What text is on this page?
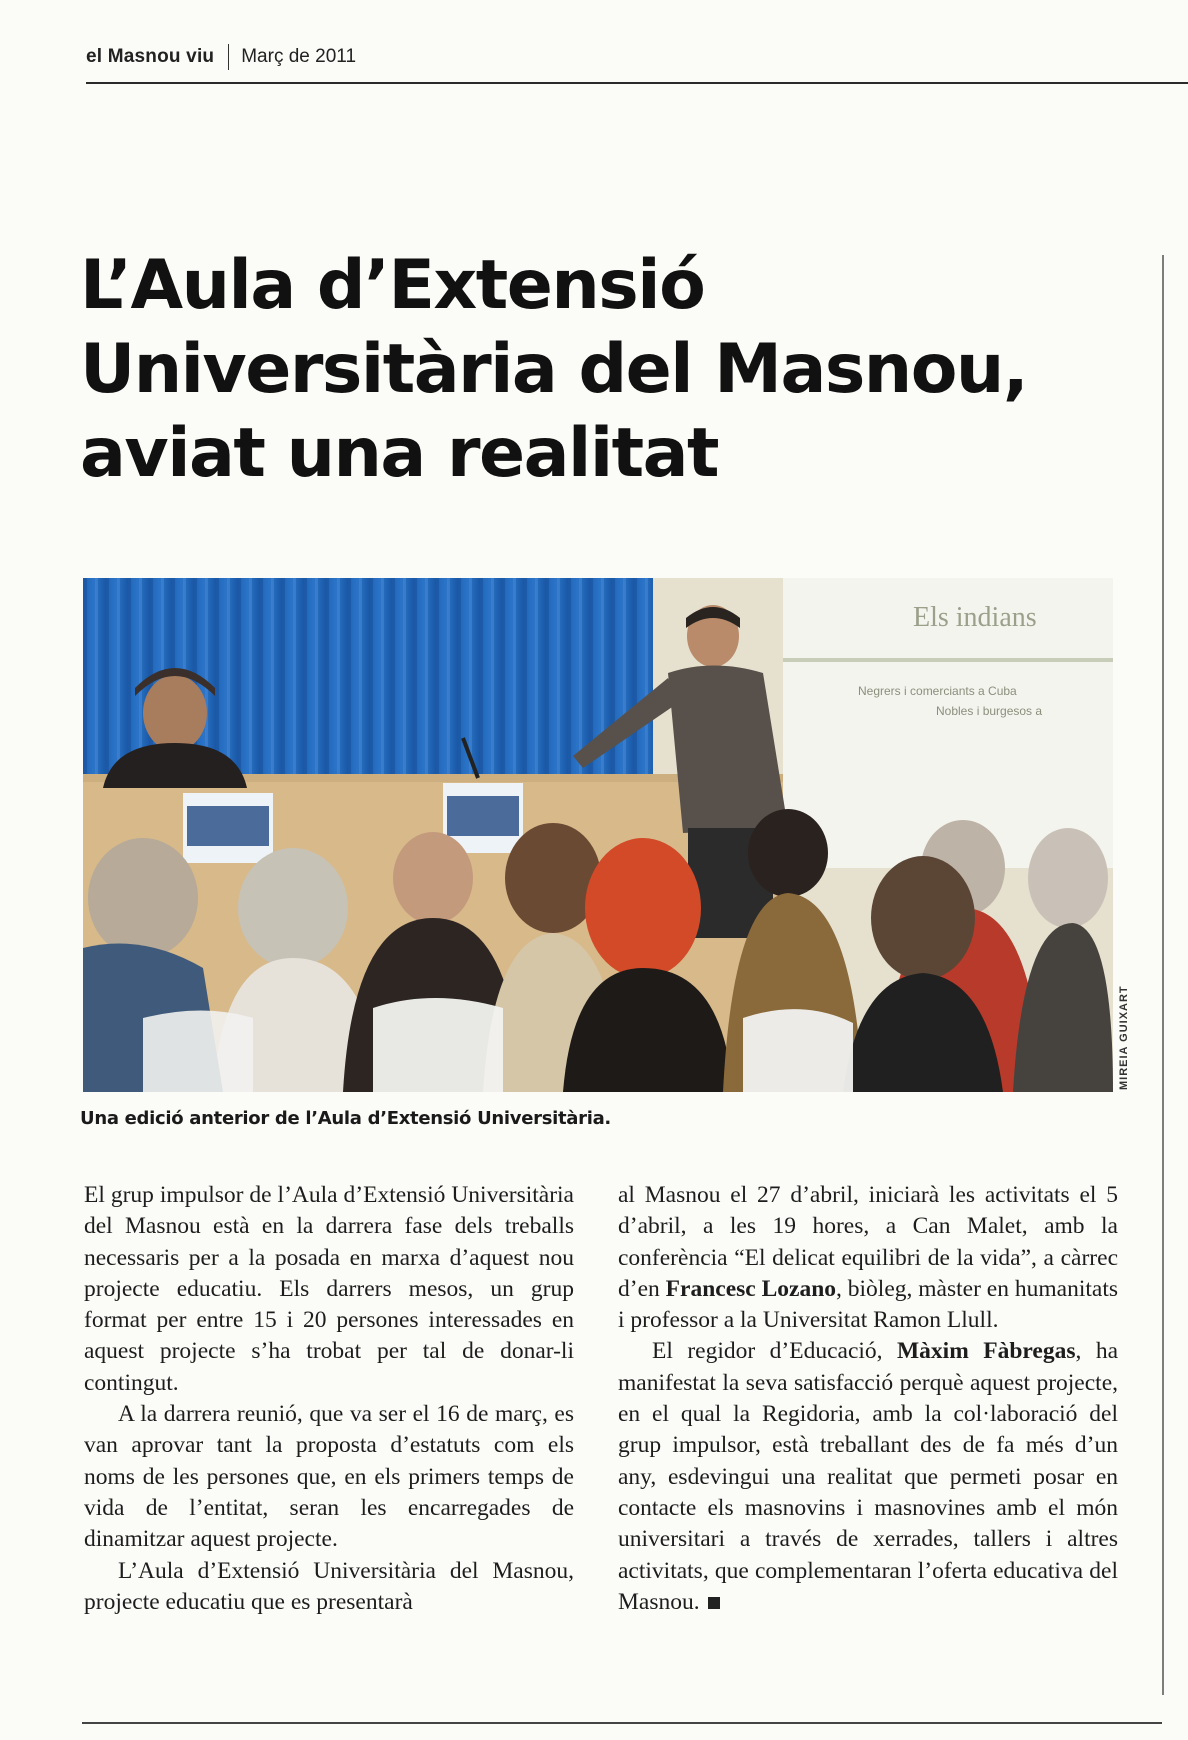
el Masnou viu Març de 2011
L’Aula d’Extensió
Universitària del Masnou,
aviat una realitat
Els indians
Negrers i comerciants a Cuba
Nobles i burgesos a
MIREIA GUIXART
Una edició anterior de l’Aula d’Extensió Universitària.

El grup impulsor de l’Aula d’Extensió Universitària del Masnou està en la darrera fase dels treballs necessaris per a la posada en marxa d’aquest nou projecte educatiu. Els darrers mesos, un grup format per entre 15 i 20 persones interessades en aquest projecte s’ha trobat per tal de donar-li contingut.

A la darrera reunió, que va ser el 16 de març, es van aprovar tant la proposta d’estatuts com els noms de les persones que, en els primers temps de vida de l’entitat, seran les encarregades de dinamitzar aquest projecte.

L’Aula d’Extensió Universitària del Masnou, projecte educatiu que es presentarà

al Masnou el 27 d’abril, iniciarà les activitats el 5 d’abril, a les 19 hores, a Can Malet, amb la conferència “El delicat equilibri de la vida”, a càrrec d’en Francesc Lozano, biòleg, màster en humanitats i professor a la Universitat Ramon Llull.

El regidor d’Educació, Màxim Fàbregas, ha manifestat la seva satisfacció perquè aquest projecte, en el qual la Regidoria, amb la col·laboració del grup impulsor, està treballant des de fa més d’un any, esdevingui una realitat que permeti posar en contacte els masnovins i masnovines amb el món universitari a través de xerrades, tallers i altres activitats, que complementaran l’oferta educativa del Masnou.
